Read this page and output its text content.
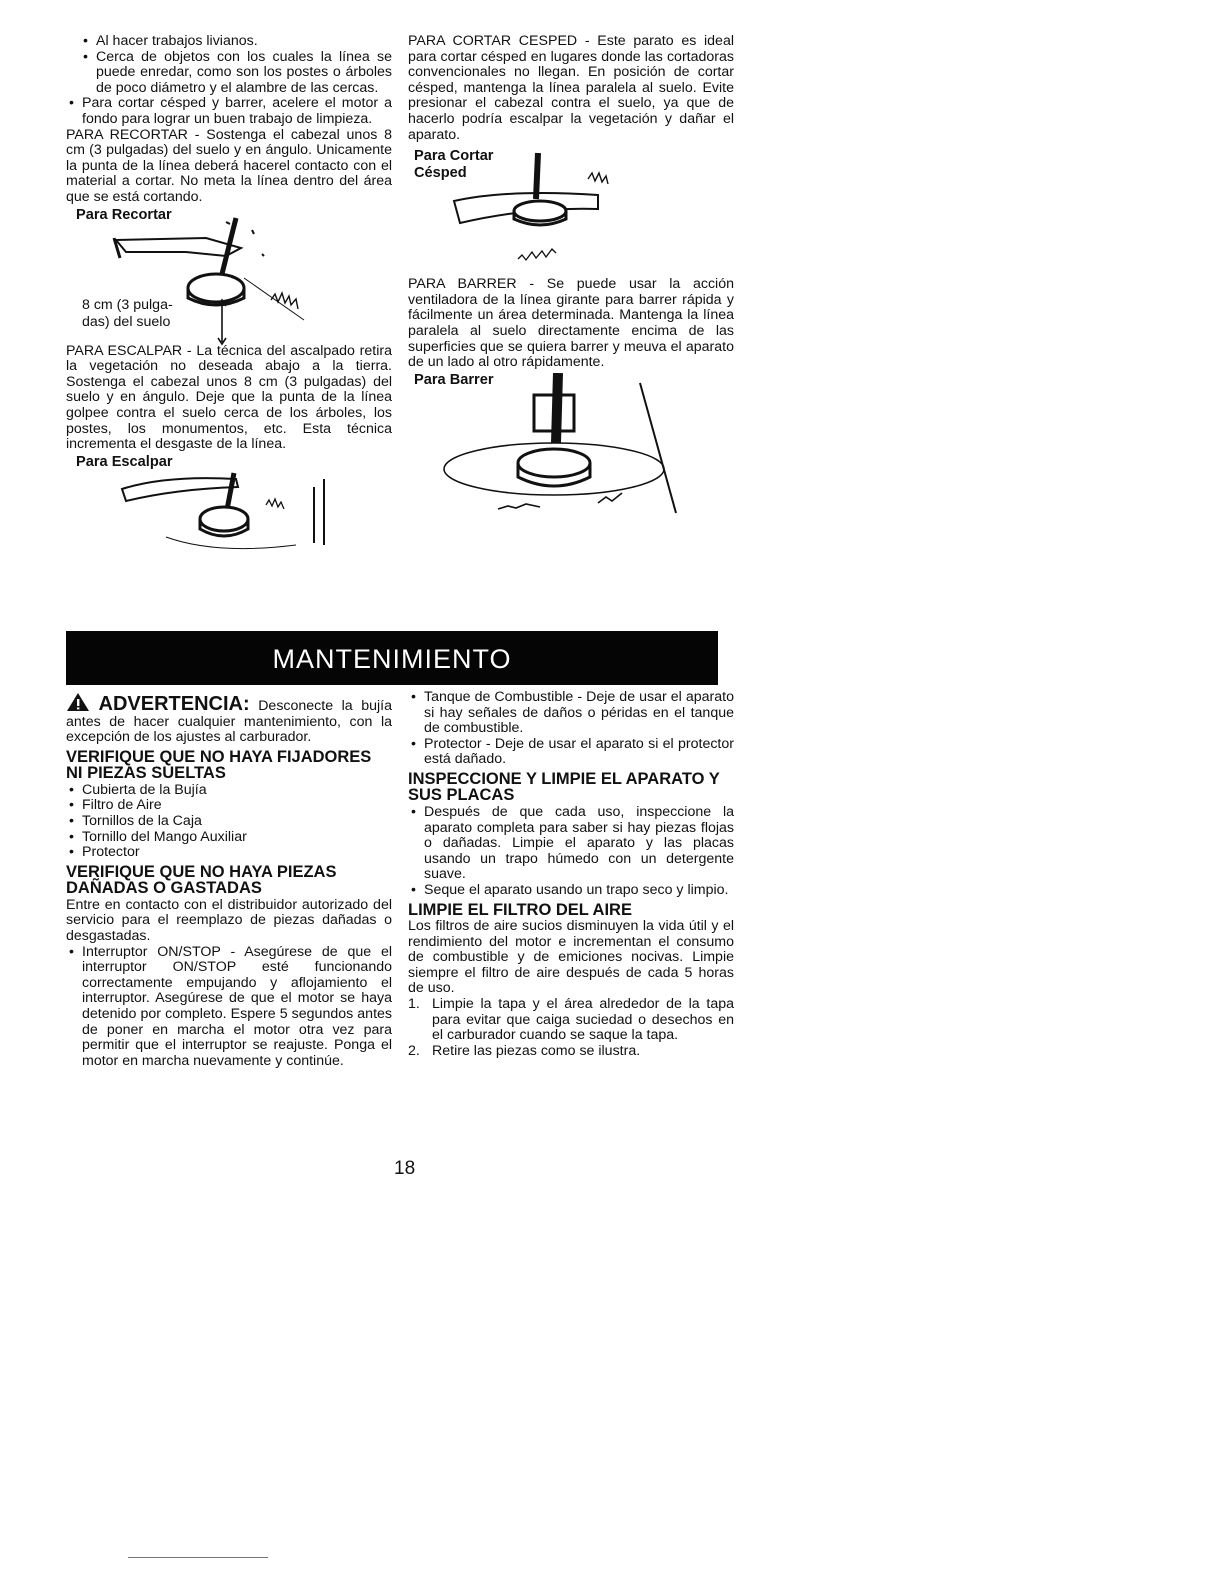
• Al hacer trabajos livianos.
• Cerca de objetos con los cuales la línea se puede enredar, como son los postes o árboles de poco diámetro y el alambre de las cercas.
• Para cortar césped y barrer, acelere el motor a fondo para lograr un buen trabajo de limpieza.

PARA RECORTAR - Sostenga el cabezal unos 8 cm (3 pulgadas) del suelo y en ángulo. Unicamente la punta de la línea deberá hacerel contacto con el material a cortar. No meta la línea dentro del área que se está cortando.

Para Recortar
8 cm (3 pulga-
das) del suelo

PARA ESCALPAR - La técnica del ascalpado retira la vegetación no deseada abajo a la tierra. Sostenga el cabezal unos 8 cm (3 pulgadas) del suelo y en ángulo. Deje que la punta de la línea golpee contra el suelo cerca de los árboles, los postes, los monumentos, etc. Esta técnica incrementa el desgaste de la línea.

Para Escalpar

PARA CORTAR CESPED - Este parato es ideal para cortar césped en lugares donde las cortadoras convencionales no llegan. En posición de cortar césped, mantenga la línea paralela al suelo. Evite presionar el cabezal contra el suelo, ya que de hacerlo podría escalpar la vegetación y dañar el aparato.

Para Cortar
Césped

PARA BARRER - Se puede usar la acción ventiladora de la línea girante para barrer rápida y fácilmente un área determinada. Mantenga la línea paralela al suelo directamente encima de las superficies que se quiera barrer y meuva el aparato de un lado al otro rápidamente.

Para Barrer
MANTENIMIENTO

ADVERTENCIA: Desconecte la bujía antes de hacer cualquier mantenimiento, con la excepción de los ajustes al carburador.

VERIFIQUE QUE NO HAYA FIJADORES NI PIEZAS SUELTAS
• Cubierta de la Bujía
• Filtro de Aire
• Tornillos de la Caja
• Tornillo del Mango Auxiliar
• Protector
VERIFIQUE QUE NO HAYA PIEZAS DAÑADAS O GASTADAS

Entre en contacto con el distribuidor autorizado del servicio para el reemplazo de piezas dañadas o desgastadas.

• Interruptor ON/STOP - Asegúrese de que el interruptor ON/STOP esté funcionando correctamente empujando y aflojamiento el interruptor. Asegúrese de que el motor se haya detenido por completo. Espere 5 segundos antes de poner en marcha el motor otra vez para permitir que el interruptor se reajuste. Ponga el motor en marcha nuevamente y continúe.
• Tanque de Combustible - Deje de usar el aparato si hay señales de daños o péridas en el tanque de combustible.
• Protector - Deje de usar el aparato si el protector está dañado.
INSPECCIONE Y LIMPIE EL APARATO Y SUS PLACAS
• Después de que cada uso, inspeccione la aparato completa para saber si hay piezas flojas o dañadas. Limpie el aparato y las placas usando un trapo húmedo con un detergente suave.
• Seque el aparato usando un trapo seco y limpio.
LIMPIE EL FILTRO DEL AIRE

Los filtros de aire sucios disminuyen la vida útil y el rendimiento del motor e incrementan el consumo de combustible y de emiciones nocivas. Limpie siempre el filtro de aire después de cada 5 horas de uso.

1. Limpie la tapa y el área alrededor de la tapa para evitar que caiga suciedad o desechos en el carburador cuando se saque la tapa.
2. Retire las piezas como se ilustra.
18
